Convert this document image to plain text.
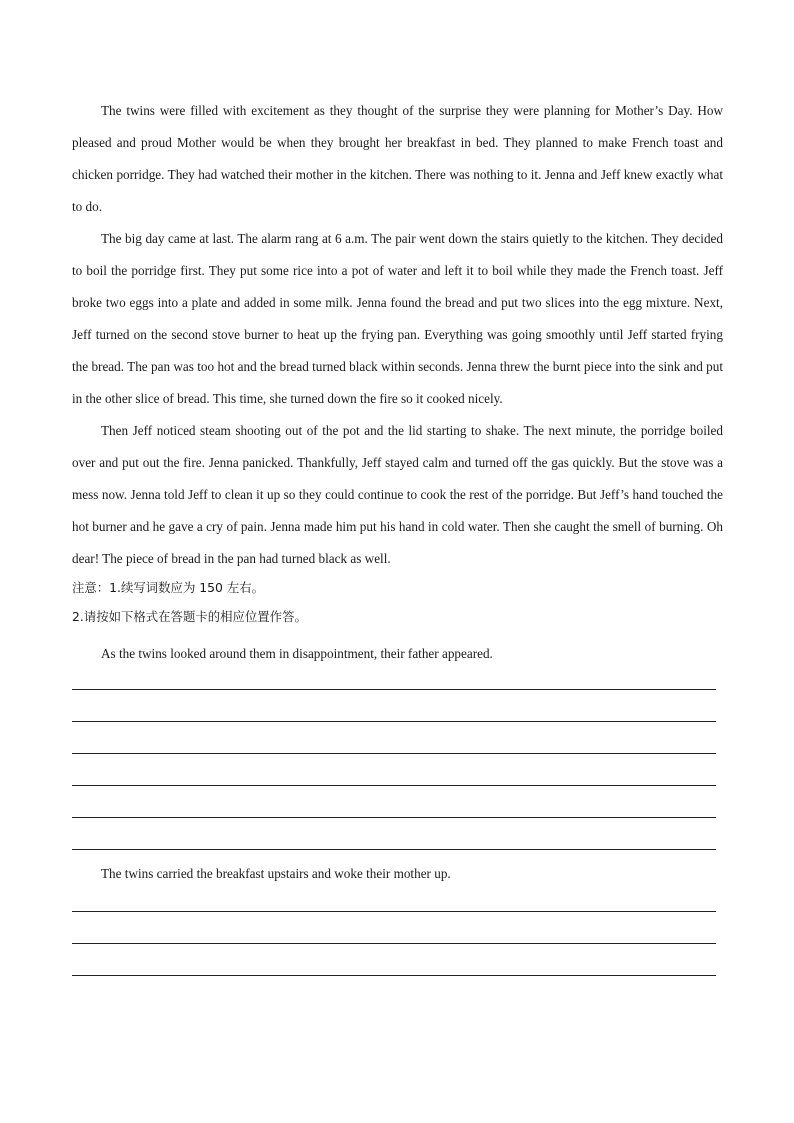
The twins were filled with excitement as they thought of the surprise they were planning for Mother’s Day. How pleased and proud Mother would be when they brought her breakfast in bed. They planned to make French toast and chicken porridge. They had watched their mother in the kitchen. There was nothing to it. Jenna and Jeff knew exactly what to do.

The big day came at last. The alarm rang at 6 a.m. The pair went down the stairs quietly to the kitchen. They decided to boil the porridge first. They put some rice into a pot of water and left it to boil while they made the French toast. Jeff broke two eggs into a plate and added in some milk. Jenna found the bread and put two slices into the egg mixture. Next, Jeff turned on the second stove burner to heat up the frying pan. Everything was going smoothly until Jeff started frying the bread. The pan was too hot and the bread turned black within seconds. Jenna threw the burnt piece into the sink and put in the other slice of bread. This time, she turned down the fire so it cooked nicely.

Then Jeff noticed steam shooting out of the pot and the lid starting to shake. The next minute, the porridge boiled over and put out the fire. Jenna panicked. Thankfully, Jeff stayed calm and turned off the gas quickly. But the stove was a mess now. Jenna told Jeff to clean it up so they could continue to cook the rest of the porridge. But Jeff’s hand touched the hot burner and he gave a cry of pain. Jenna made him put his hand in cold water. Then she caught the smell of burning. Oh dear! The piece of bread in the pan had turned black as well.

注意：1.续写词数应为 150 左右。

2.请按如下格式在答题卡的相应位置作答。

As the twins looked around them in disappointment, their father appeared.

The twins carried the breakfast upstairs and woke their mother up.
